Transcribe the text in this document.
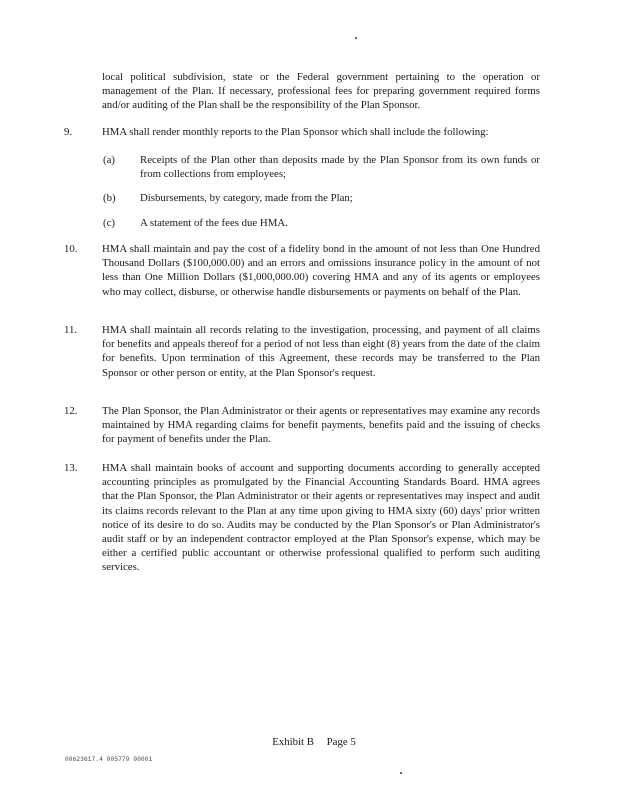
local political subdivision, state or the Federal government pertaining to the operation or management of the Plan. If necessary, professional fees for preparing government required forms and/or auditing of the Plan shall be the responsibility of the Plan Sponsor.
9.	HMA shall render monthly reports to the Plan Sponsor which shall include the following:
(a) Receipts of the Plan other than deposits made by the Plan Sponsor from its own funds or from collections from employees;
(b) Disbursements, by category, made from the Plan;
(c) A statement of the fees due HMA.
10. HMA shall maintain and pay the cost of a fidelity bond in the amount of not less than One Hundred Thousand Dollars ($100,000.00) and an errors and omissions insurance policy in the amount of not less than One Million Dollars ($1,000,000.00) covering HMA and any of its agents or employees who may collect, disburse, or otherwise handle disbursements or payments on behalf of the Plan.
11. HMA shall maintain all records relating to the investigation, processing, and payment of all claims for benefits and appeals thereof for a period of not less than eight (8) years from the date of the claim for benefits. Upon termination of this Agreement, these records may be transferred to the Plan Sponsor or other person or entity, at the Plan Sponsor's request.
12. The Plan Sponsor, the Plan Administrator or their agents or representatives may examine any records maintained by HMA regarding claims for benefit payments, benefits paid and the issuing of checks for payment of benefits under the Plan.
13. HMA shall maintain books of account and supporting documents according to generally accepted accounting principles as promulgated by the Financial Accounting Standards Board. HMA agrees that the Plan Sponsor, the Plan Administrator or their agents or representatives may inspect and audit its claims records relevant to the Plan at any time upon giving to HMA sixty (60) days' prior written notice of its desire to do so. Audits may be conducted by the Plan Sponsor's or Plan Administrator's audit staff or by an independent contractor employed at the Plan Sponsor's expense, which may be either a certified public accountant or otherwise professional qualified to perform such auditing services.
Exhibit B Page 5
00623617.4 005779 00001
